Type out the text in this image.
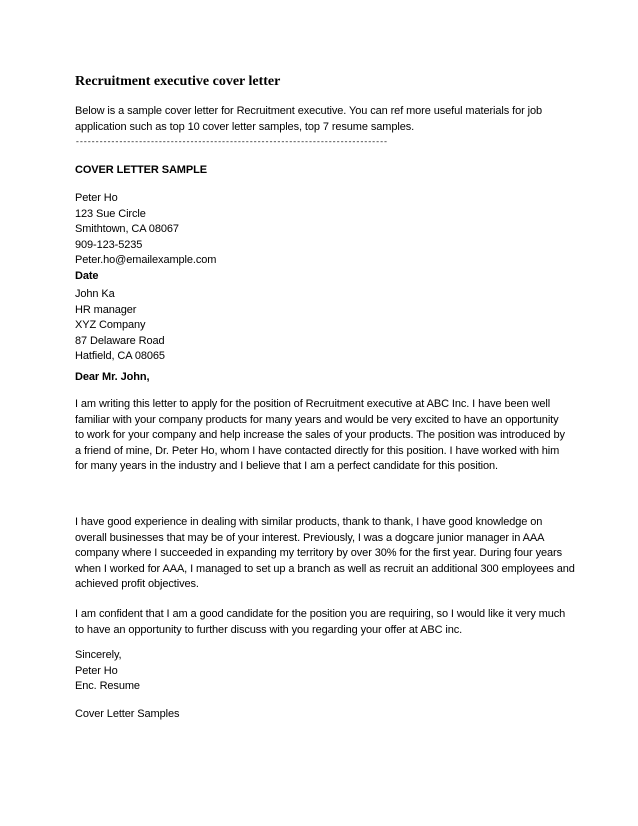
Recruitment executive cover letter
Below is a sample cover letter for Recruitment executive. You can ref more useful materials for job
application such as top 10 cover letter samples, top 7 resume samples.
-------------------------------------------------------------------------------
COVER LETTER SAMPLE
Peter Ho
123 Sue Circle
Smithtown, CA 08067
909-123-5235
Peter.ho@emailexample.com
Date
John Ka
HR manager
XYZ Company
87 Delaware Road
Hatfield, CA 08065
Dear Mr. John,
I am writing this letter to apply for the position of Recruitment executive at ABC Inc. I have been well
familiar with your company products for many years and would be very excited to have an opportunity
to work for your company and help increase the sales of your products. The position was introduced by
a friend of mine, Dr. Peter Ho, whom I have contacted directly for this position. I have worked with him
for many years in the industry and I believe that I am a perfect candidate for this position.
I have good experience in dealing with similar products, thank to thank, I have good knowledge on
overall businesses that may be of your interest. Previously, I was a dogcare junior manager in AAA
company where I succeeded in expanding my territory by over 30% for the first year. During four years
when I worked for AAA, I managed to set up a branch as well as recruit an additional 300 employees and
achieved profit objectives.
I am confident that I am a good candidate for the position you are requiring, so I would like it very much
to have an opportunity to further discuss with you regarding your offer at ABC inc.
Sincerely,
Peter Ho
Enc. Resume
Cover Letter Samples
